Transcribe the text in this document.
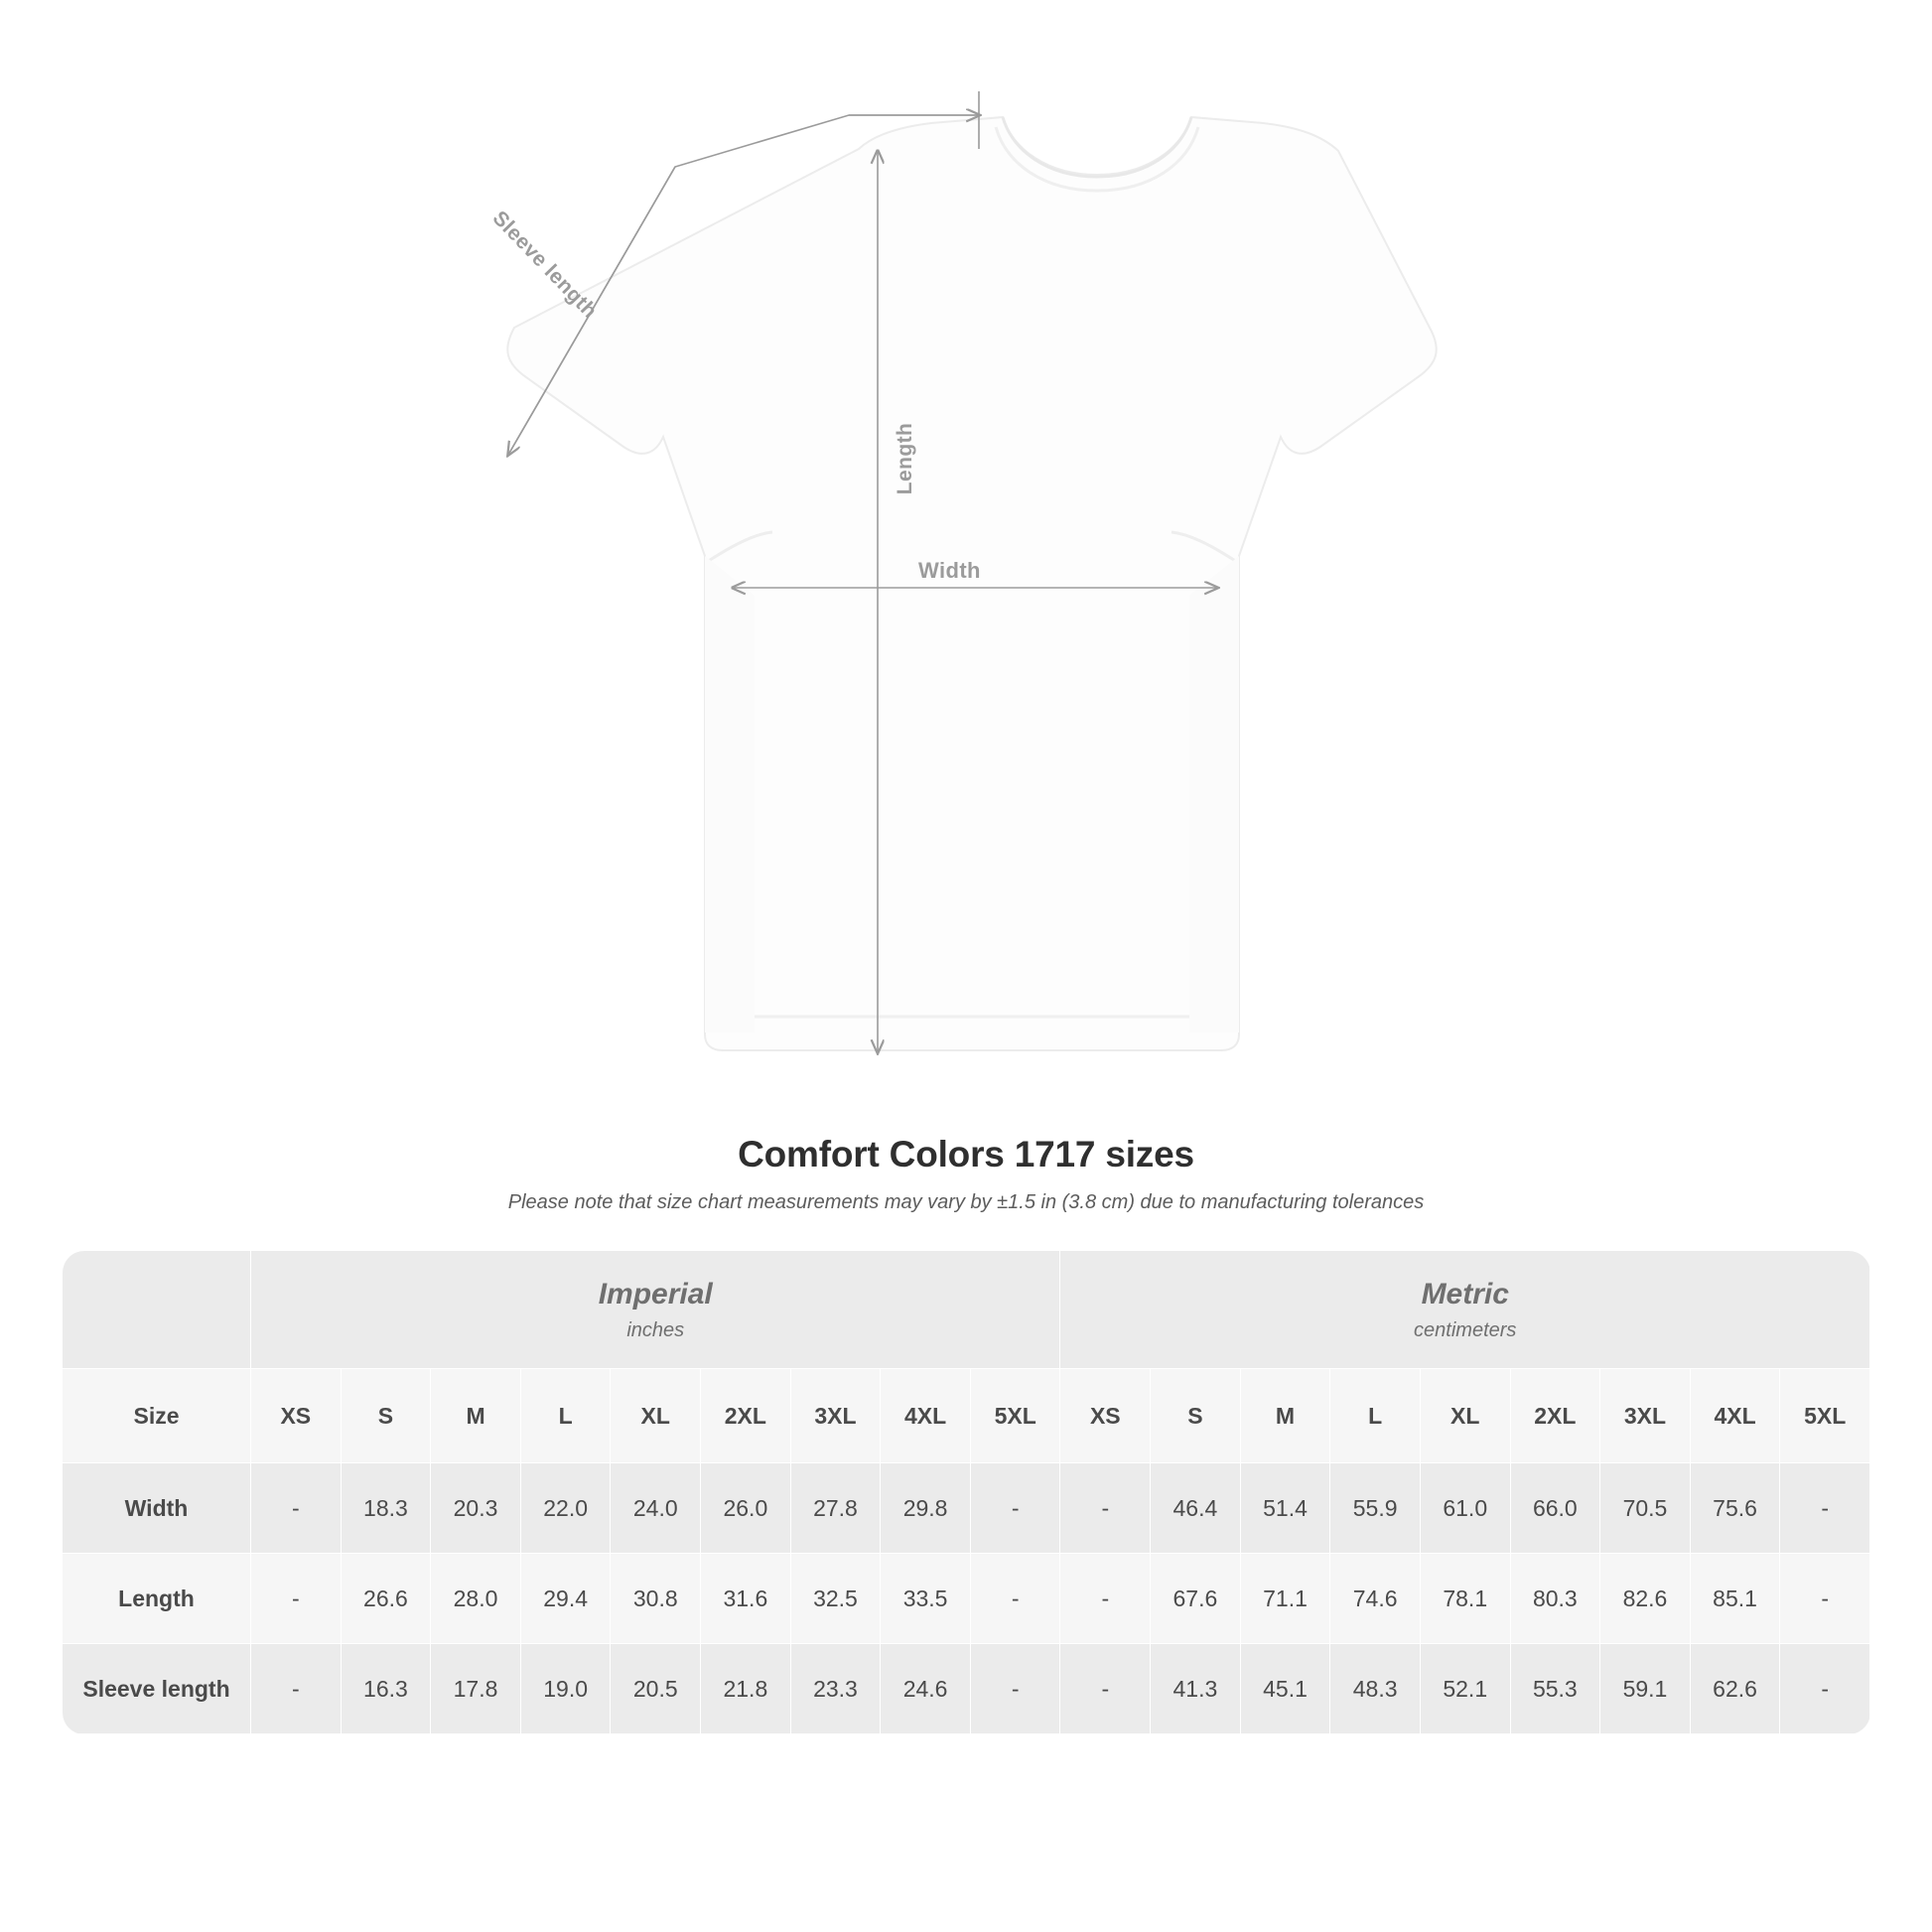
Sleeve length
Length
Width
Comfort Colors 1717 sizes
Please note that size chart measurements may vary by ±1.5 in (3.8 cm) due to manufacturing tolerances

Imperial
inches

Metric
centimeters

Size	XS	S	M	L	XL	2XL	3XL	4XL	5XL	XS	S	M	L	XL	2XL	3XL	4XL	5XL
Width	-	18.3	20.3	22.0	24.0	26.0	27.8	29.8	-	-	46.4	51.4	55.9	61.0	66.0	70.5	75.6	-
Length	-	26.6	28.0	29.4	30.8	31.6	32.5	33.5	-	-	67.6	71.1	74.6	78.1	80.3	82.6	85.1	-
Sleeve length	-	16.3	17.8	19.0	20.5	21.8	23.3	24.6	-	-	41.3	45.1	48.3	52.1	55.3	59.1	62.6	-
